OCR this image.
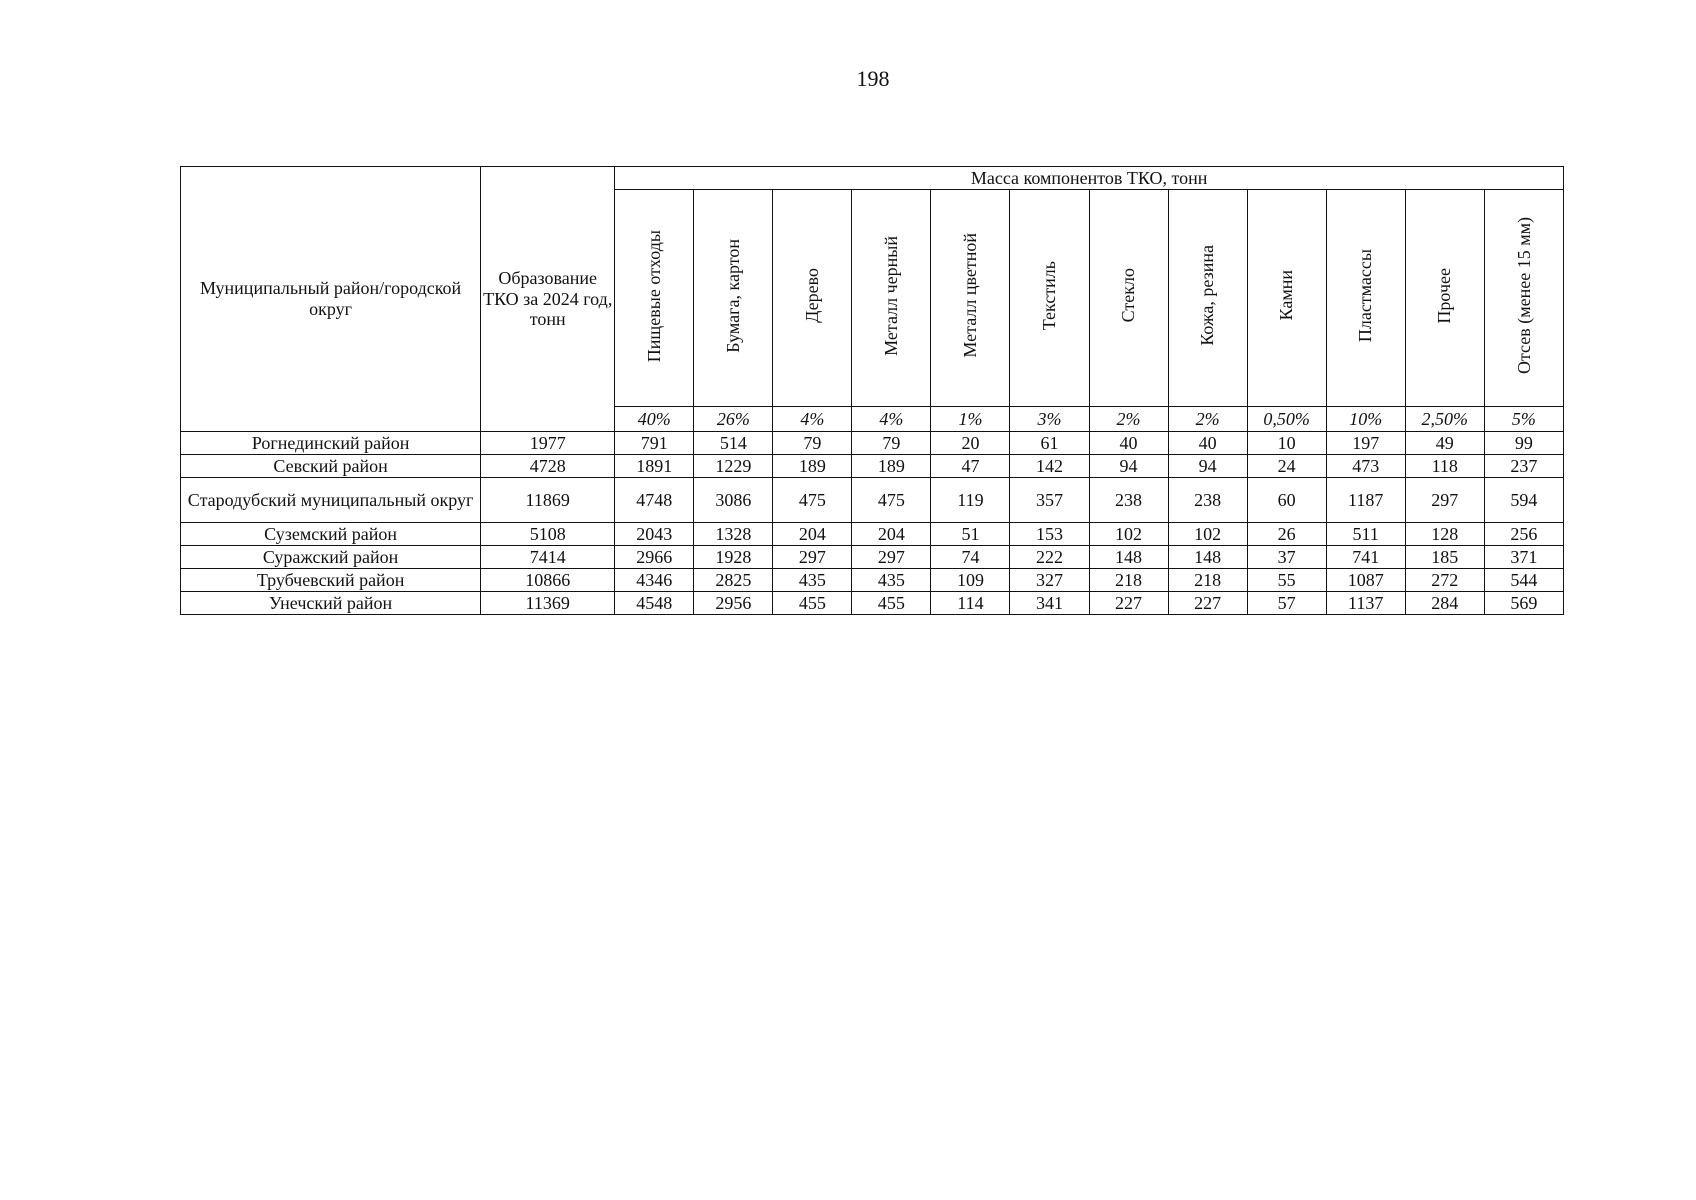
198
Муниципальный район/городской округ	Образование ТКО за 2024 год, тонн	Масса компонентов ТКО, тонн											
		Пищевые отходы	Бумага, картон	Дерево	Металл черный	Металл цветной	Текстиль	Стекло	Кожа, резина	Камни	Пластмассы	Прочее	Отсев (менее 15 мм)
		40%	26%	4%	4%	1%	3%	2%	2%	0,50%	10%	2,50%	5%
Рогнединский район	1977	791	514	79	79	20	61	40	40	10	197	49	99
Севский район	4728	1891	1229	189	189	47	142	94	94	24	473	118	237
Стародубский муниципальный округ	11869	4748	3086	475	475	119	357	238	238	60	1187	297	594
Суземский район	5108	2043	1328	204	204	51	153	102	102	26	511	128	256
Суражский район	7414	2966	1928	297	297	74	222	148	148	37	741	185	371
Трубчевский район	10866	4346	2825	435	435	109	327	218	218	55	1087	272	544
Унечский район	11369	4548	2956	455	455	114	341	227	227	57	1137	284	569
